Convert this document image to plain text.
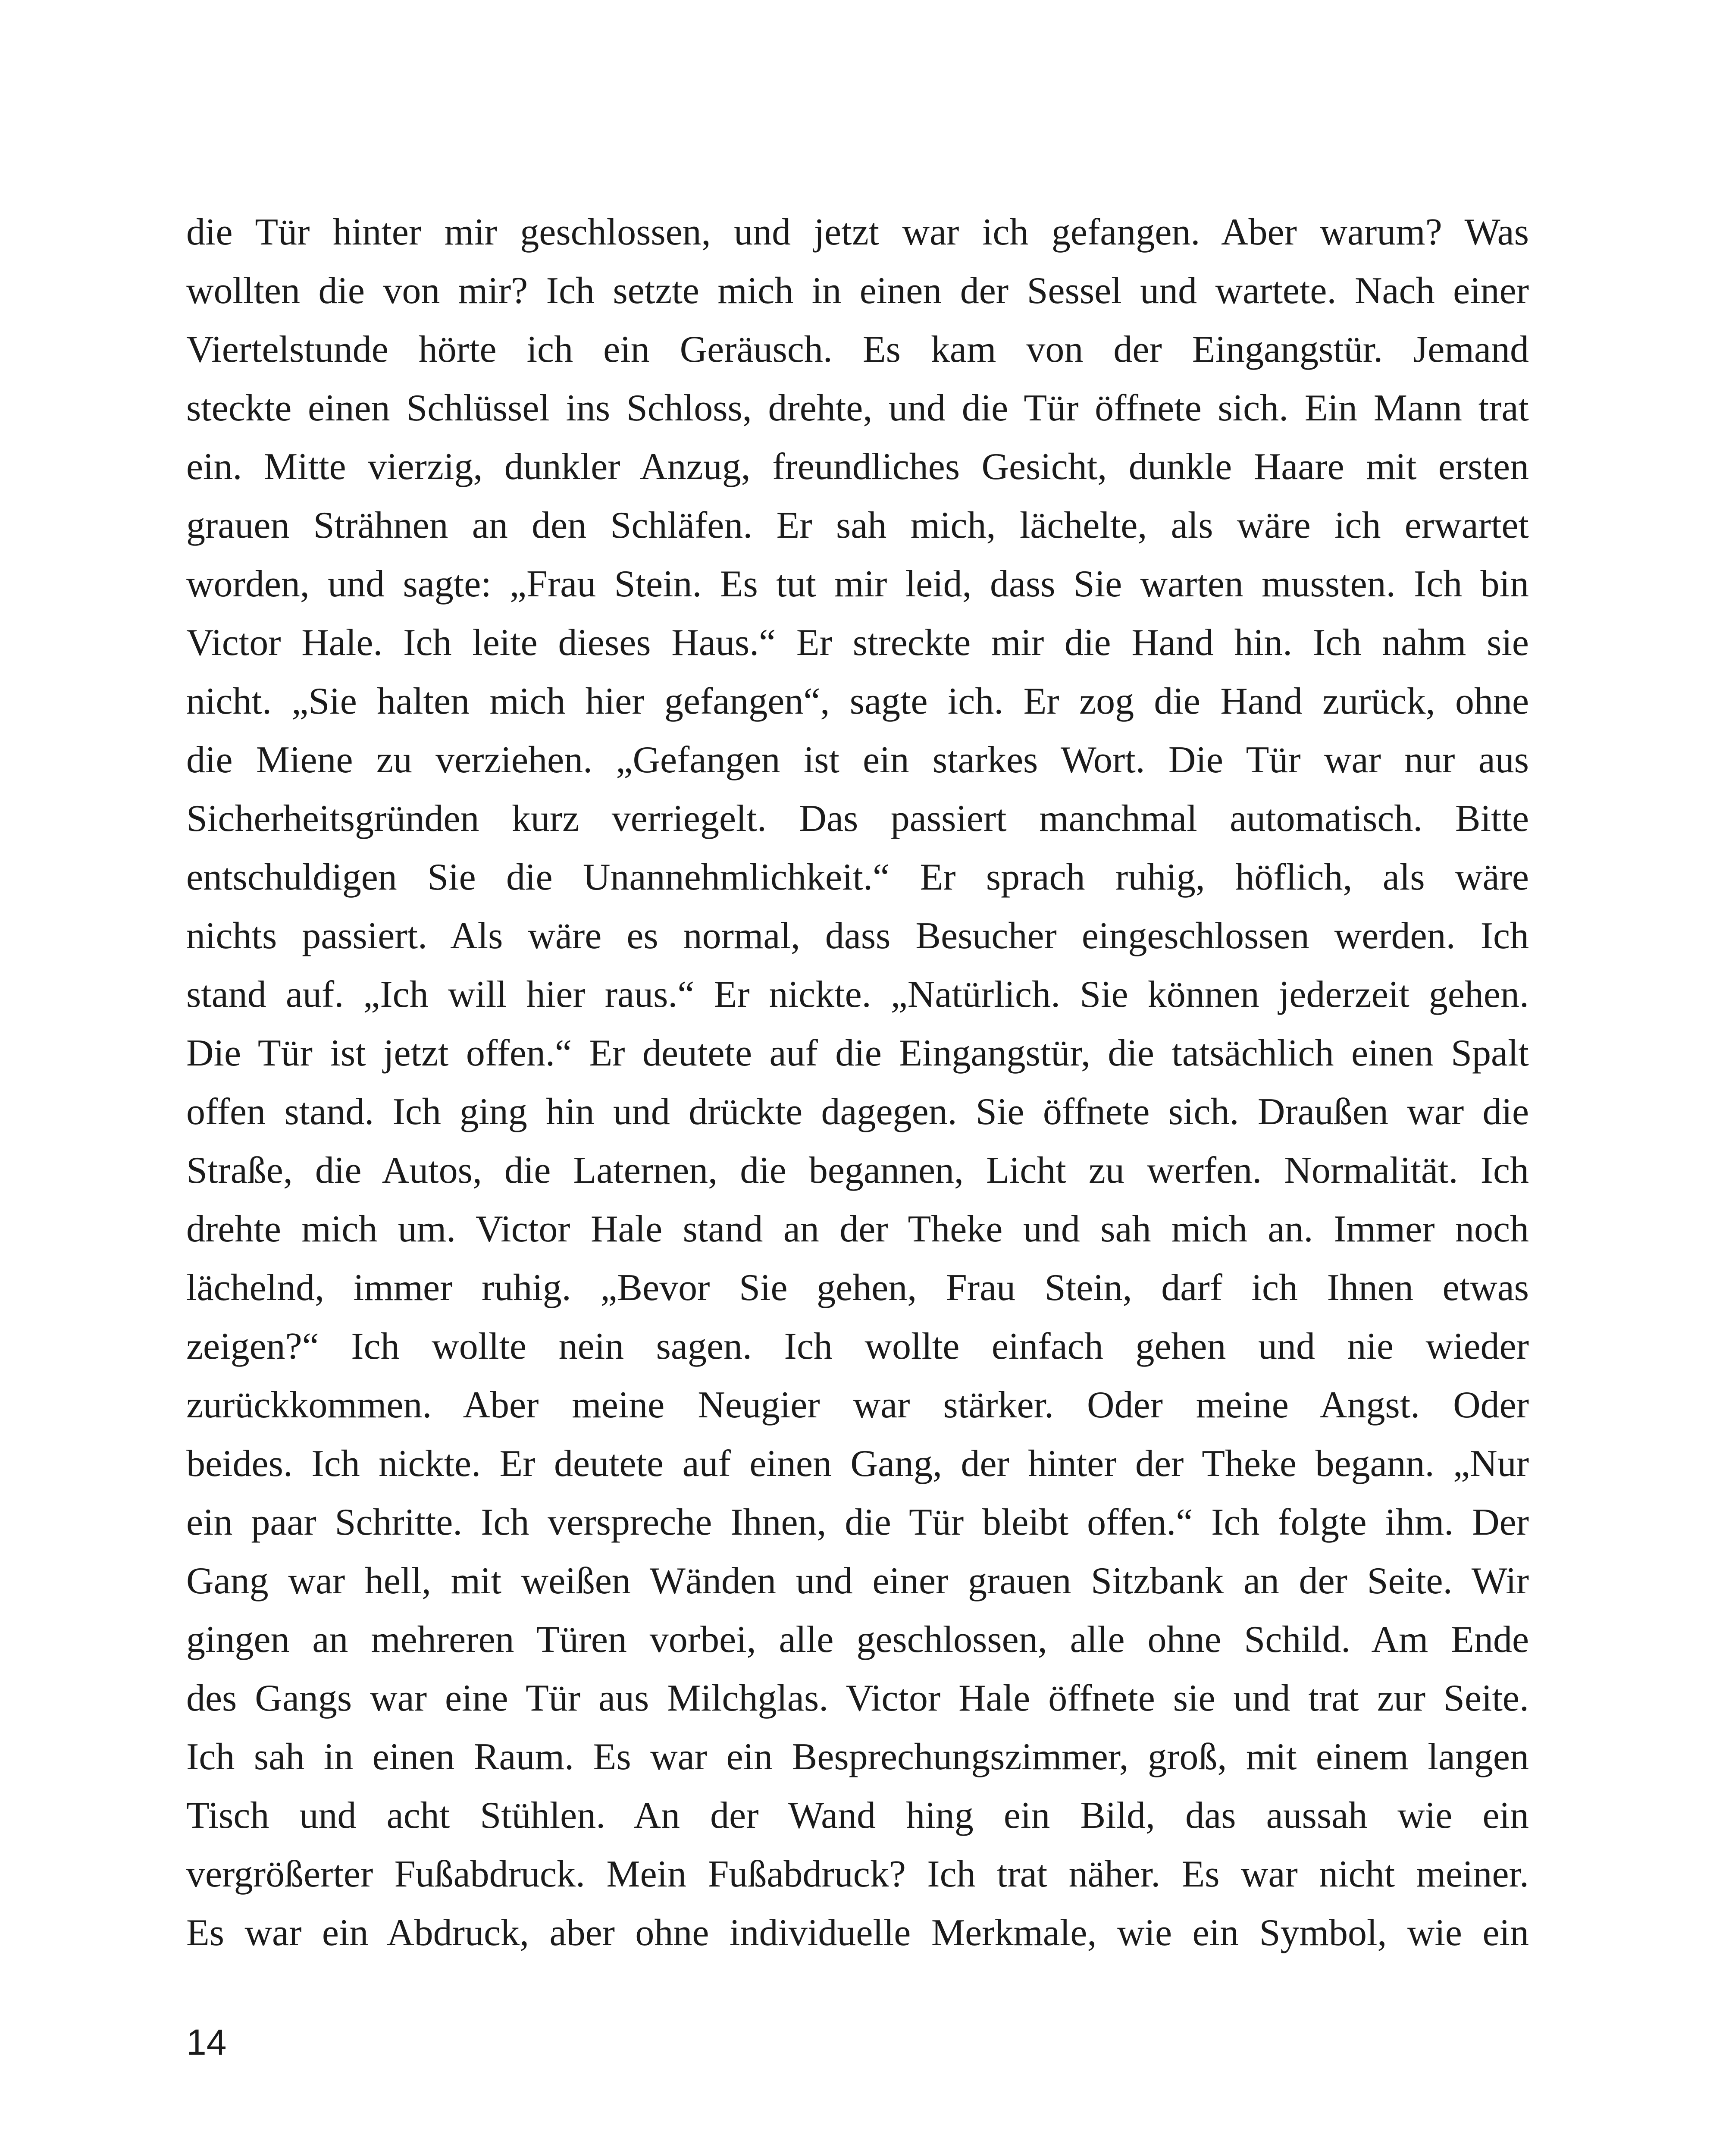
die Tür hinter mir geschlossen, und jetzt war ich gefangen. Aber warum? Was
wollten die von mir? Ich setzte mich in einen der Sessel und wartete. Nach einer
Viertelstunde hörte ich ein Geräusch. Es kam von der Eingangstür. Jemand
steckte einen Schlüssel ins Schloss, drehte, und die Tür öffnete sich. Ein Mann trat
ein. Mitte vierzig, dunkler Anzug, freundliches Gesicht, dunkle Haare mit ersten
grauen Strähnen an den Schläfen. Er sah mich, lächelte, als wäre ich erwartet
worden, und sagte: „Frau Stein. Es tut mir leid, dass Sie warten mussten. Ich bin
Victor Hale. Ich leite dieses Haus.“ Er streckte mir die Hand hin. Ich nahm sie
nicht. „Sie halten mich hier gefangen“, sagte ich. Er zog die Hand zurück, ohne
die Miene zu verziehen. „Gefangen ist ein starkes Wort. Die Tür war nur aus
Sicherheitsgründen kurz verriegelt. Das passiert manchmal automatisch. Bitte
entschuldigen Sie die Unannehmlichkeit.“ Er sprach ruhig, höflich, als wäre
nichts passiert. Als wäre es normal, dass Besucher eingeschlossen werden. Ich
stand auf. „Ich will hier raus.“ Er nickte. „Natürlich. Sie können jederzeit gehen.
Die Tür ist jetzt offen.“ Er deutete auf die Eingangstür, die tatsächlich einen Spalt
offen stand. Ich ging hin und drückte dagegen. Sie öffnete sich. Draußen war die
Straße, die Autos, die Laternen, die begannen, Licht zu werfen. Normalität. Ich
drehte mich um. Victor Hale stand an der Theke und sah mich an. Immer noch
lächelnd, immer ruhig. „Bevor Sie gehen, Frau Stein, darf ich Ihnen etwas
zeigen?“ Ich wollte nein sagen. Ich wollte einfach gehen und nie wieder
zurückkommen. Aber meine Neugier war stärker. Oder meine Angst. Oder
beides. Ich nickte. Er deutete auf einen Gang, der hinter der Theke begann. „Nur
ein paar Schritte. Ich verspreche Ihnen, die Tür bleibt offen.“ Ich folgte ihm. Der
Gang war hell, mit weißen Wänden und einer grauen Sitzbank an der Seite. Wir
gingen an mehreren Türen vorbei, alle geschlossen, alle ohne Schild. Am Ende
des Gangs war eine Tür aus Milchglas. Victor Hale öffnete sie und trat zur Seite.
Ich sah in einen Raum. Es war ein Besprechungszimmer, groß, mit einem langen
Tisch und acht Stühlen. An der Wand hing ein Bild, das aussah wie ein
vergrößerter Fußabdruck. Mein Fußabdruck? Ich trat näher. Es war nicht meiner.
Es war ein Abdruck, aber ohne individuelle Merkmale, wie ein Symbol, wie ein
14
